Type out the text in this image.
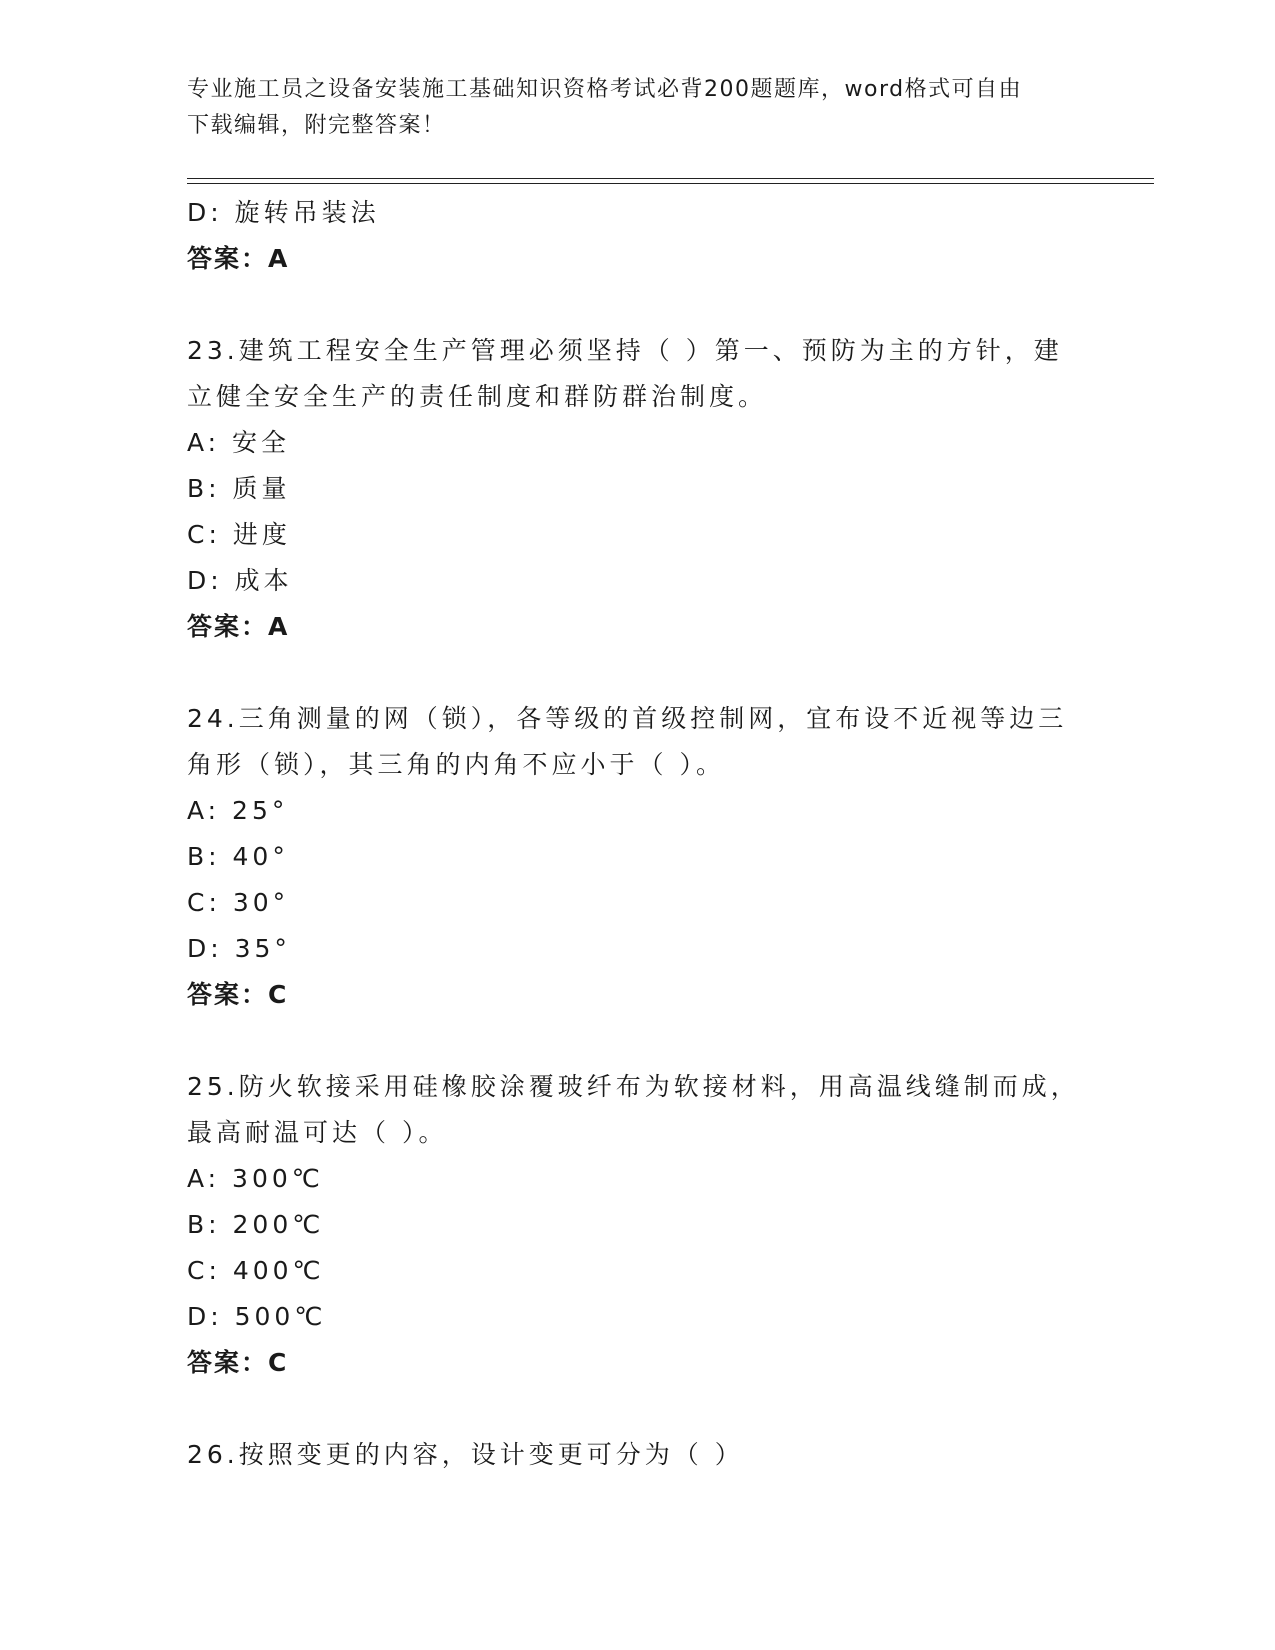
专业施工员之设备安装施工基础知识资格考试必背200题题库，word格式可自由
下载编辑，附完整答案！
D: 旋转吊装法
答案：A
23.建筑工程安全生产管理必须坚持（ ）第一、预防为主的方针，建
立健全安全生产的责任制度和群防群治制度。
A: 安全
B: 质量
C: 进度
D: 成本
答案：A
24.三角测量的网（锁），各等级的首级控制网，宜布设不近视等边三
角形（锁），其三角的内角不应小于（ ）。
A: 25°
B: 40°
C: 30°
D: 35°
答案：C
25.防火软接采用硅橡胶涂覆玻纤布为软接材料，用高温线缝制而成，
最高耐温可达（ ）。
A: 300℃
B: 200℃
C: 400℃
D: 500℃
答案：C
26.按照变更的内容，设计变更可分为（ ）
